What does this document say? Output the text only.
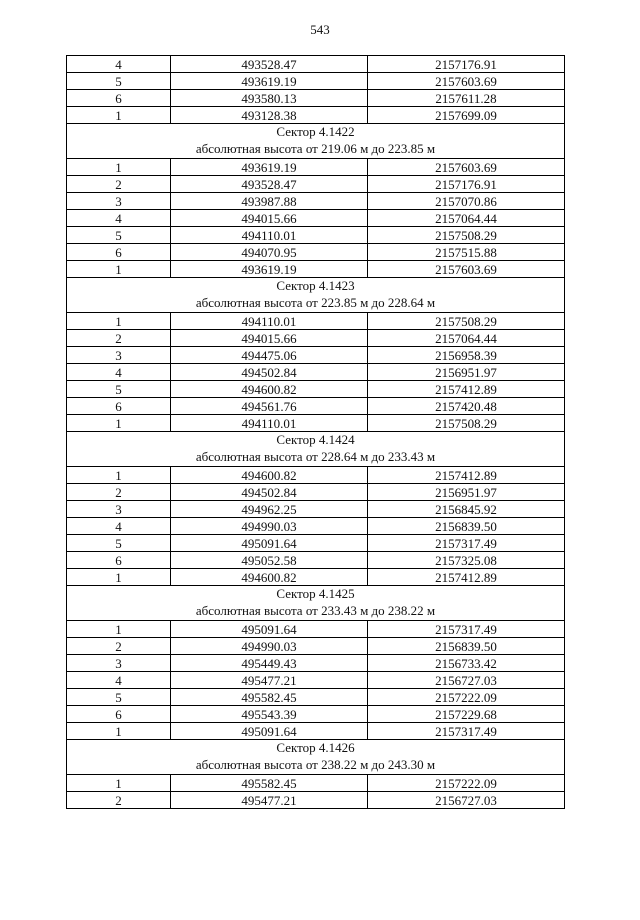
543
4	493528.47	2157176.91
5	493619.19	2157603.69
6	493580.13	2157611.28
1	493128.38	2157699.09

Сектор 4.1422
абсолютная высота от 219.06 м до 223.85 м		

1	493619.19	2157603.69
2	493528.47	2157176.91
3	493987.88	2157070.86
4	494015.66	2157064.44
5	494110.01	2157508.29
6	494070.95	2157515.88
1	493619.19	2157603.69

Сектор 4.1423
абсолютная высота от 223.85 м до 228.64 м		

1	494110.01	2157508.29
2	494015.66	2157064.44
3	494475.06	2156958.39
4	494502.84	2156951.97
5	494600.82	2157412.89
6	494561.76	2157420.48
1	494110.01	2157508.29

Сектор 4.1424
абсолютная высота от 228.64 м до 233.43 м		

1	494600.82	2157412.89
2	494502.84	2156951.97
3	494962.25	2156845.92
4	494990.03	2156839.50
5	495091.64	2157317.49
6	495052.58	2157325.08
1	494600.82	2157412.89

Сектор 4.1425
абсолютная высота от 233.43 м до 238.22 м		

1	495091.64	2157317.49
2	494990.03	2156839.50
3	495449.43	2156733.42
4	495477.21	2156727.03
5	495582.45	2157222.09
6	495543.39	2157229.68
1	495091.64	2157317.49

Сектор 4.1426
абсолютная высота от 238.22 м до 243.30 м		

1	495582.45	2157222.09
2	495477.21	2156727.03
